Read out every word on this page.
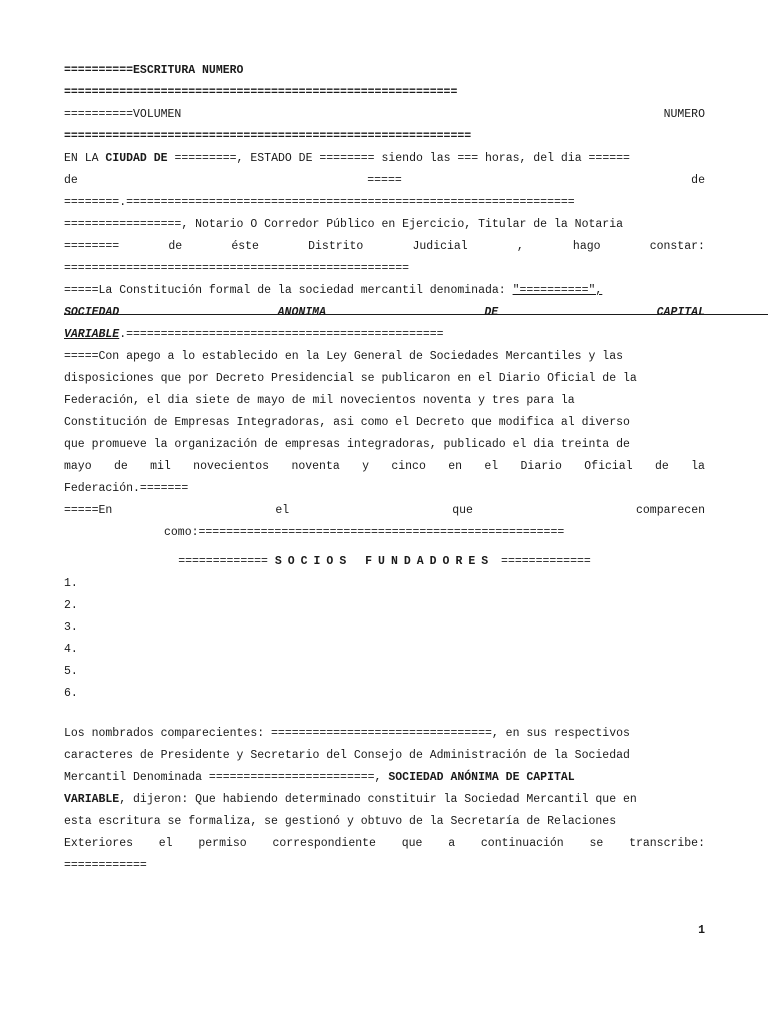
==========ESCRITURA NUMERO
=========================================================
==========VOLUMEN	NUMERO
===========================================================
EN LA CIUDAD DE =========, ESTADO DE ======== siendo las === horas, del dia ======
de	=====	de
========.=================================================================
=================, Notario O Corredor Público en Ejercicio, Titular de la Notaria
========	de	éste	Distrito	Judicial	,	hago	constar:
==================================================
=====La Constitución formal de la sociedad mercantil denominada: "==========",
SOCIEDAD	ANONIMA	DE	CAPITAL
VARIABLE.==============================================
=====Con apego a lo establecido en la Ley General de Sociedades Mercantiles y las
disposiciones que por Decreto Presidencial se publicaron en el Diario Oficial de la
Federación, el dia siete de mayo de mil novecientos noventa y tres para la
Constitución de Empresas Integradoras, asi como el Decreto que modifica al diverso
que promueve la organización de empresas integradoras, publicado el dia treinta de
mayo de mil novecientos noventa y cinco en el Diario Oficial de la
Federación.=======
=====En	el	que	comparecen
como:=====================================================
============= SOCIOS FUNDADORES =============
1.
2.
3.
4.
5.
6.
Los nombrados comparecientes: ================================, en sus respectivos
caracteres de Presidente y Secretario del Consejo de Administración de la Sociedad
Mercantil Denominada ========================, SOCIEDAD ANÓNIMA DE CAPITAL
VARIABLE, dijeron: Que habiendo determinado constituir la Sociedad Mercantil que en
esta escritura se formaliza, se gestionó y obtuvo de la Secretaría de Relaciones
Exteriores el permiso correspondiente que a continuación se transcribe:
============
1
